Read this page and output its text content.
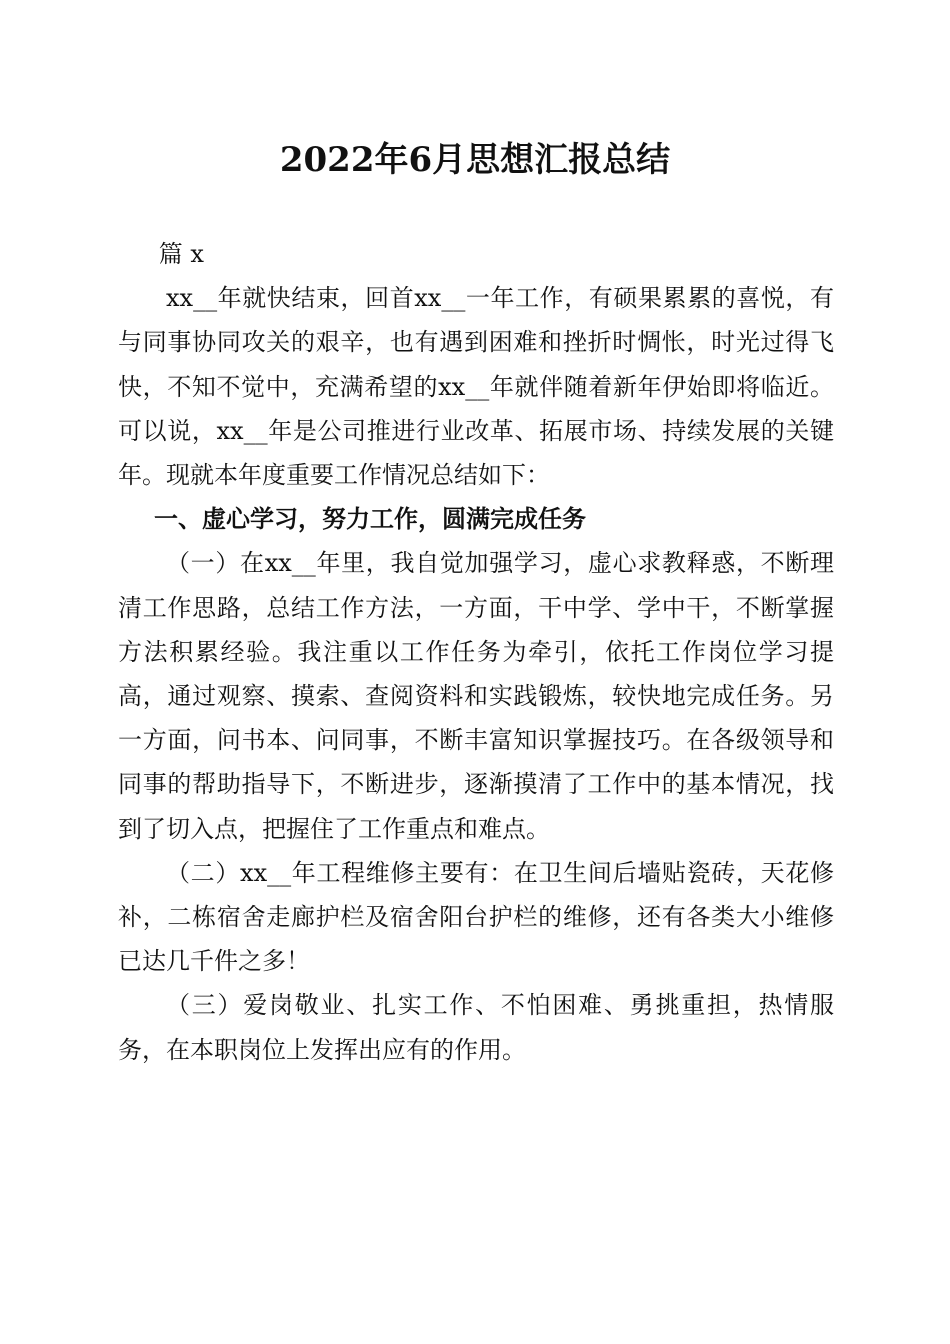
2022年6月思想汇报总结

篇 x

xx__年就快结束，回首xx__一年工作，有硕果累累的喜悦，有与同事协同攻关的艰辛，也有遇到困难和挫折时惆怅，时光过得飞快，不知不觉中，充满希望的xx__年就伴随着新年伊始即将临近。可以说，xx__年是公司推进行业改革、拓展市场、持续发展的关键年。现就本年度重要工作情况总结如下：

一、虚心学习，努力工作，圆满完成任务

（一）在xx__年里，我自觉加强学习，虚心求教释惑，不断理清工作思路，总结工作方法，一方面，干中学、学中干，不断掌握方法积累经验。我注重以工作任务为牵引，依托工作岗位学习提高，通过观察、摸索、查阅资料和实践锻炼，较快地完成任务。另一方面，问书本、问同事，不断丰富知识掌握技巧。在各级领导和同事的帮助指导下，不断进步，逐渐摸清了工作中的基本情况，找到了切入点，把握住了工作重点和难点。

（二）xx__年工程维修主要有：在卫生间后墙贴瓷砖，天花修补，二栋宿舍走廊护栏及宿舍阳台护栏的维修，还有各类大小维修已达几千件之多！

（三）爱岗敬业、扎实工作、不怕困难、勇挑重担，热情服务，在本职岗位上发挥出应有的作用。
